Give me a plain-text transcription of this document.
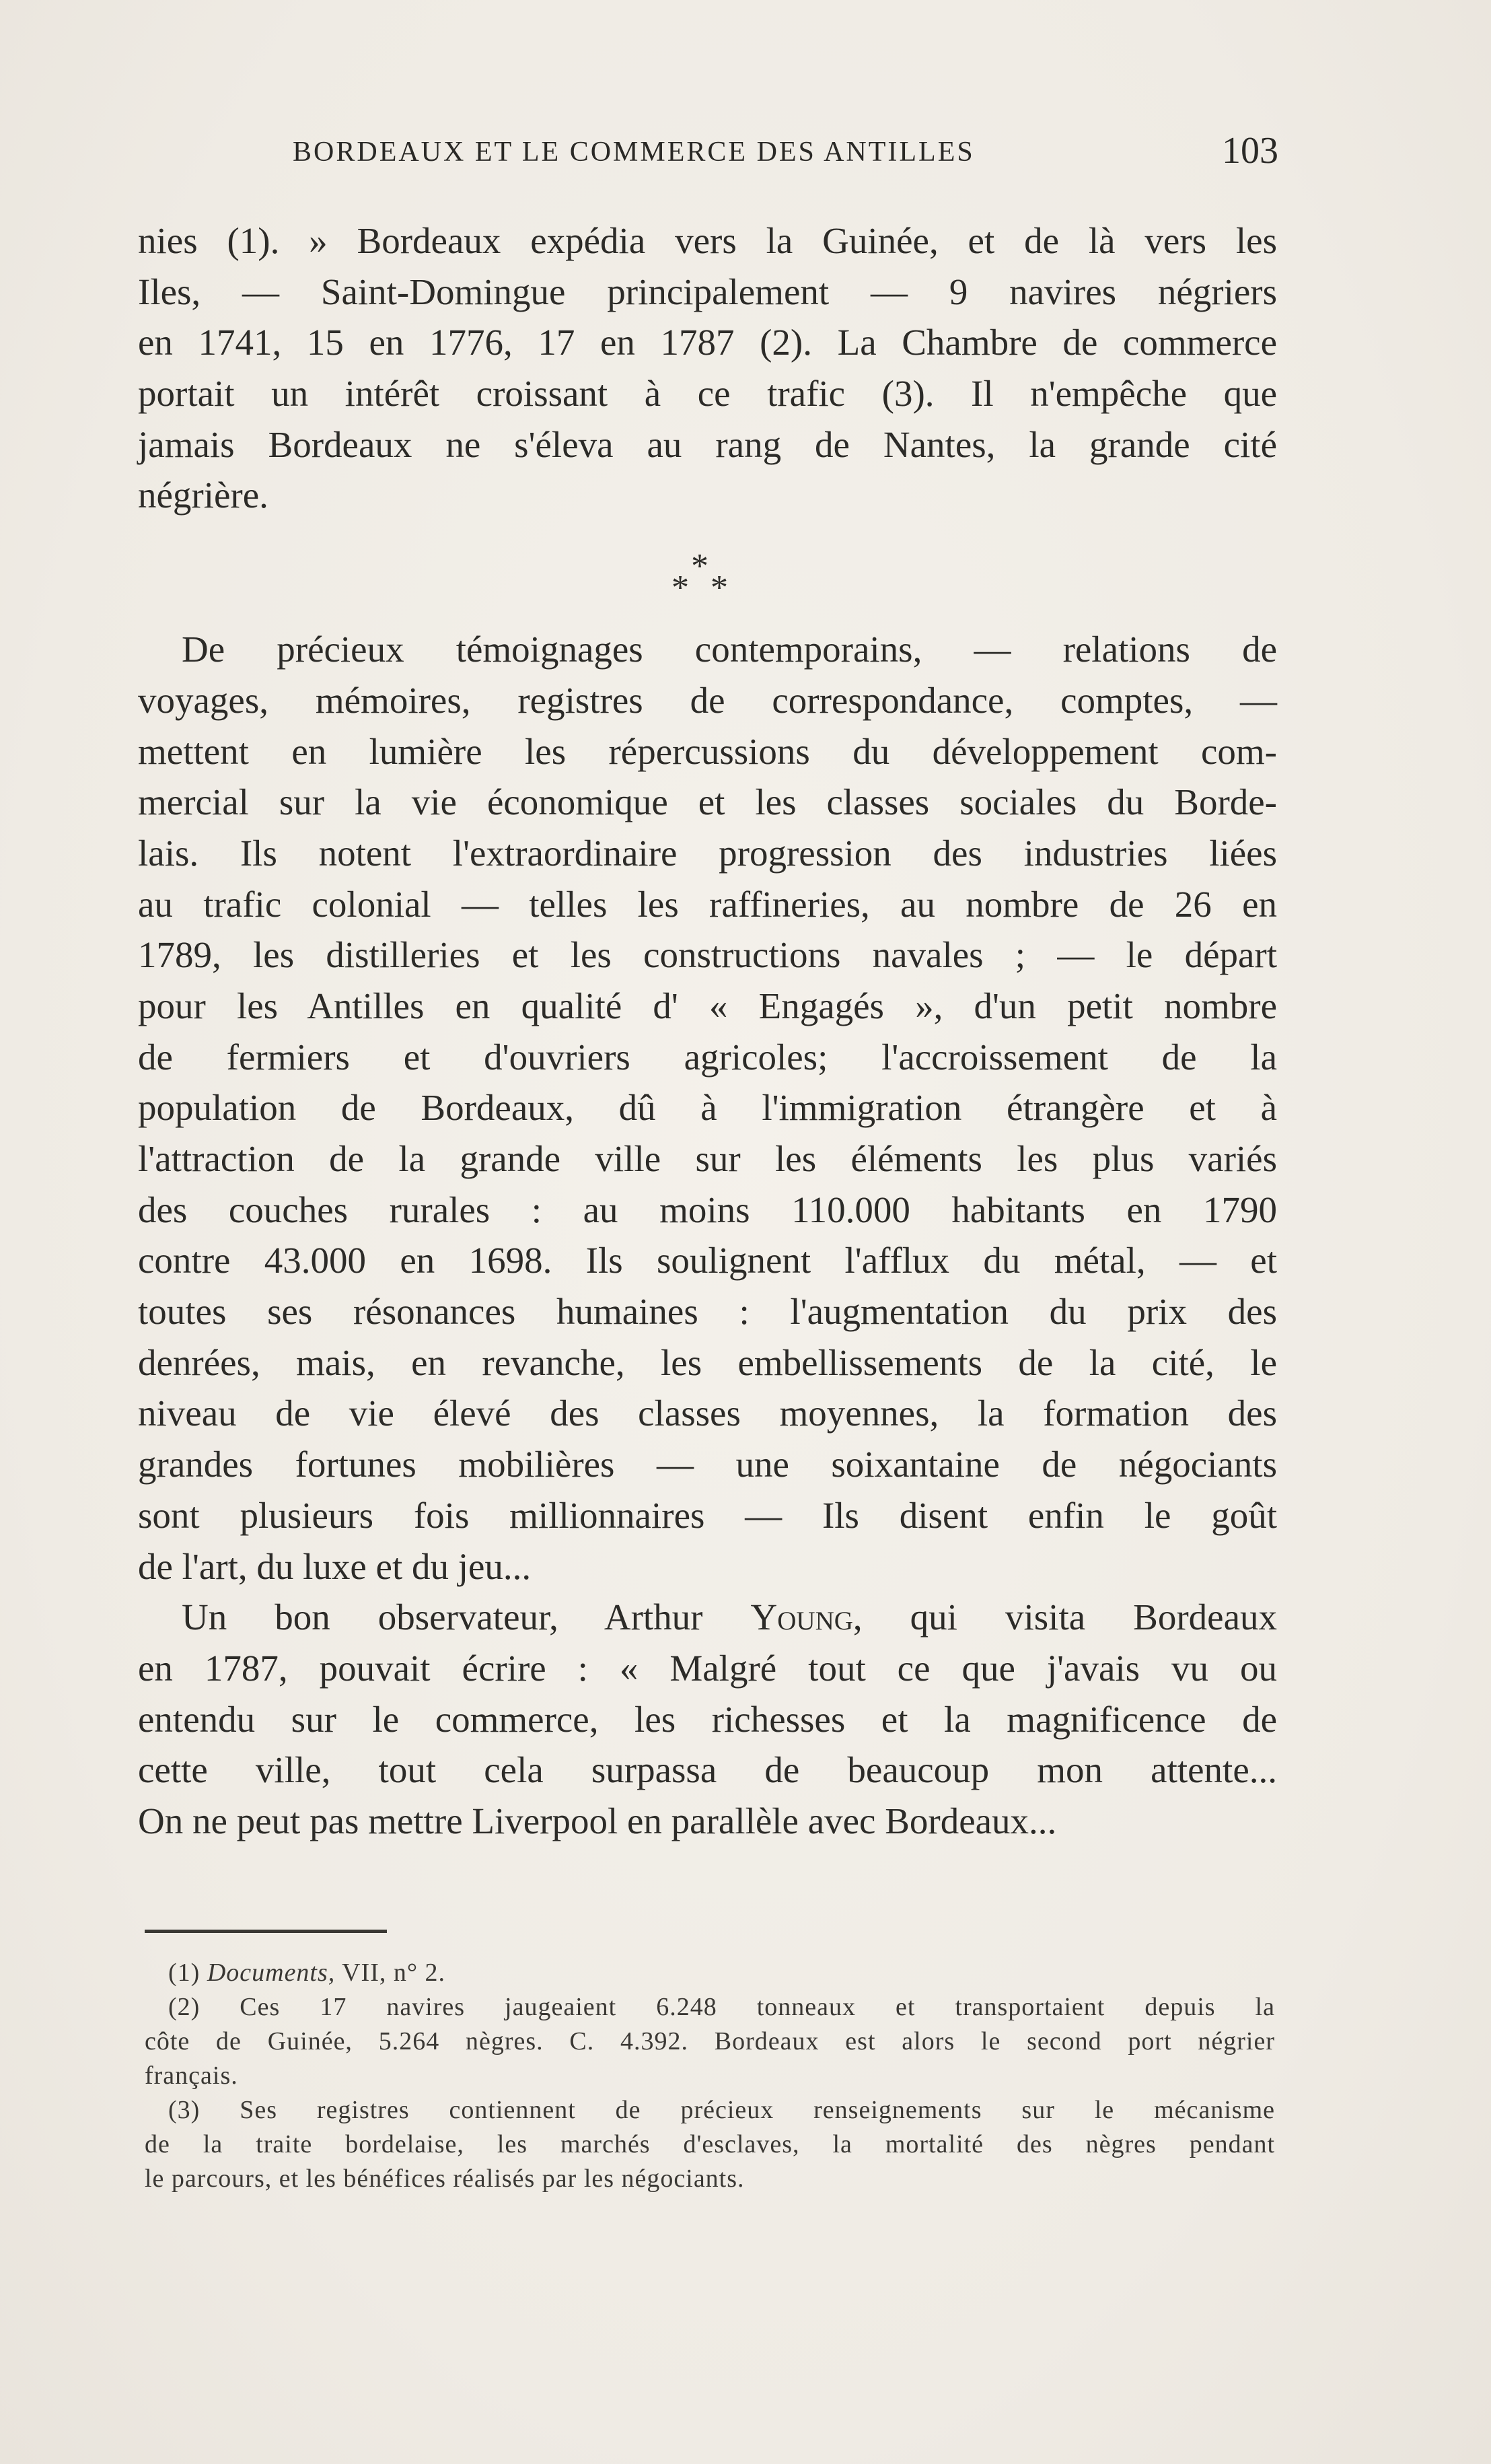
BORDEAUX ET LE COMMERCE DES ANTILLES	103
nies (1). » Bordeaux expédia vers la Guinée, et de là vers les
Iles, — Saint-Domingue principalement — 9 navires négriers
en 1741, 15 en 1776, 17 en 1787 (2). La Chambre de commerce
portait un intérêt croissant à ce trafic (3). Il n'empêche que
jamais Bordeaux ne s'éleva au rang de Nantes, la grande cité
négrière.
De précieux témoignages contemporains, — relations de
voyages, mémoires, registres de correspondance, comptes, —
mettent en lumière les répercussions du développement com-
mercial sur la vie économique et les classes sociales du Borde-
lais. Ils notent l'extraordinaire progression des industries liées
au trafic colonial — telles les raffineries, au nombre de 26 en
1789, les distilleries et les constructions navales ; — le départ
pour les Antilles en qualité d' « Engagés », d'un petit nombre
de fermiers et d'ouvriers agricoles; l'accroissement de la
population de Bordeaux, dû à l'immigration étrangère et à
l'attraction de la grande ville sur les éléments les plus variés
des couches rurales : au moins 110.000 habitants en 1790
contre 43.000 en 1698. Ils soulignent l'afflux du métal, — et
toutes ses résonances humaines : l'augmentation du prix des
denrées, mais, en revanche, les embellissements de la cité, le
niveau de vie élevé des classes moyennes, la formation des
grandes fortunes mobilières — une soixantaine de négociants
sont plusieurs fois millionnaires — Ils disent enfin le goût
de l'art, du luxe et du jeu...
Un bon observateur, Arthur Young, qui visita Bordeaux
en 1787, pouvait écrire : « Malgré tout ce que j'avais vu ou
entendu sur le commerce, les richesses et la magnificence de
cette ville, tout cela surpassa de beaucoup mon attente...
On ne peut pas mettre Liverpool en parallèle avec Bordeaux...
*
* *
(1) Documents, VII, n° 2.
(2) Ces 17 navires jaugeaient 6.248 tonneaux et transportaient depuis la
côte de Guinée, 5.264 nègres. C. 4.392. Bordeaux est alors le second port négrier
français.
(3) Ses registres contiennent de précieux renseignements sur le mécanisme
de la traite bordelaise, les marchés d'esclaves, la mortalité des nègres pendant
le parcours, et les bénéfices réalisés par les négociants.
